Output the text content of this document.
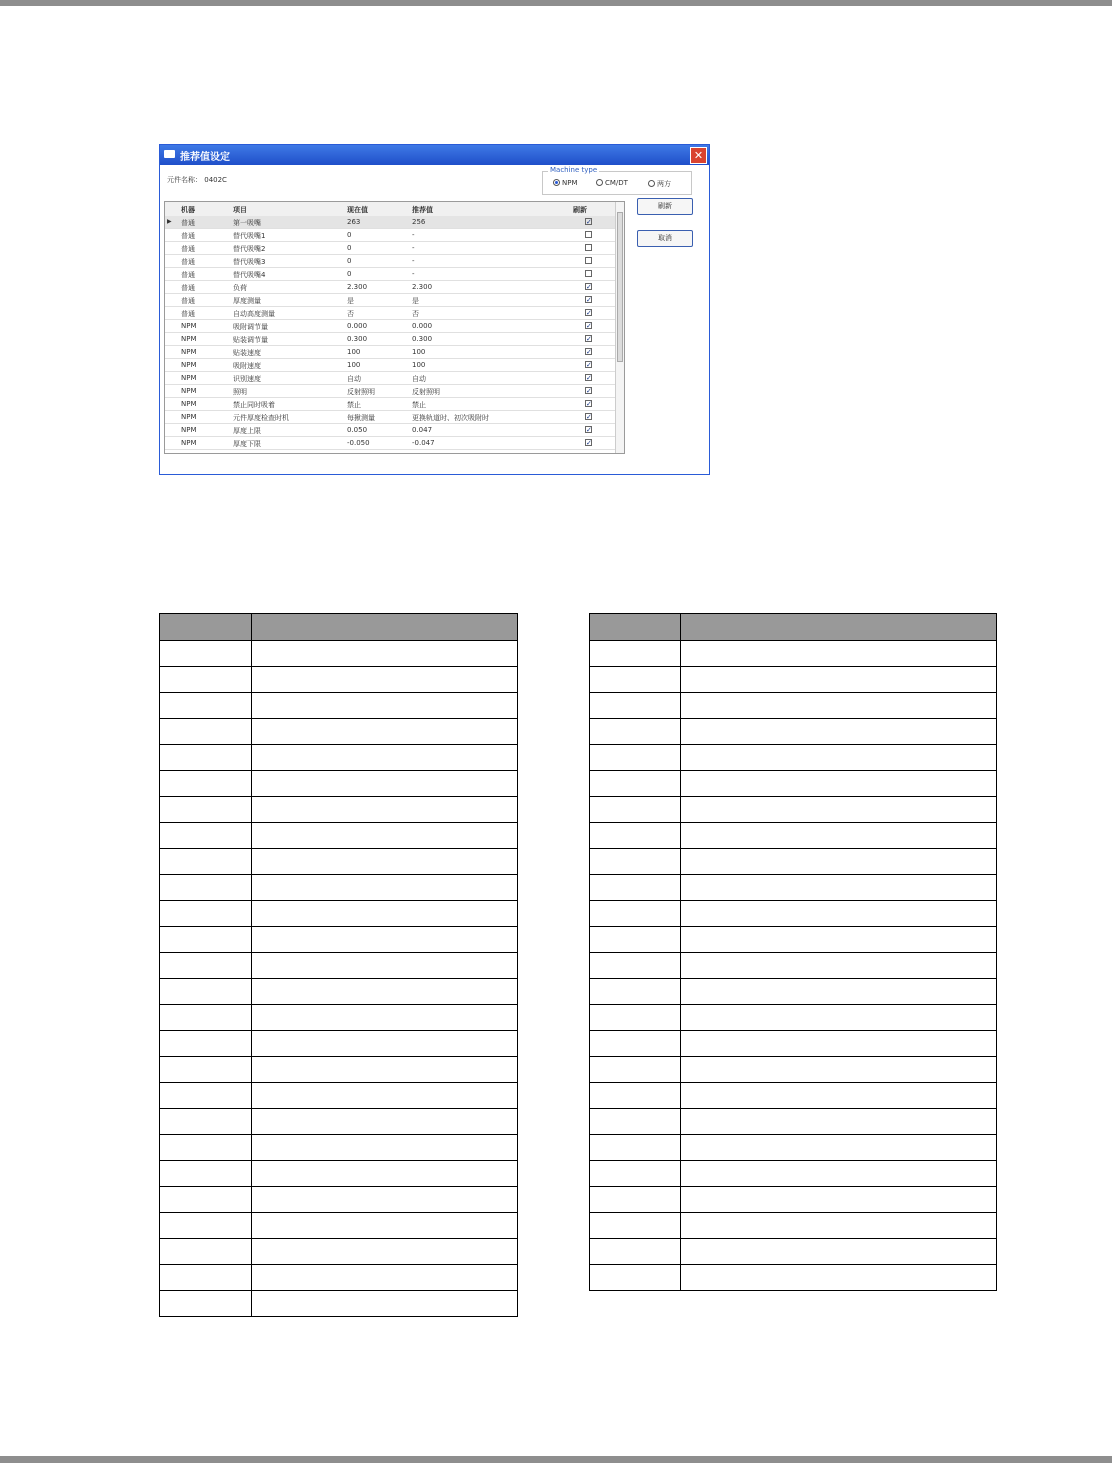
推荐值设定	✕
元件名称： 0402C
Machine type
NPM	CM/DT	两方
机器	项目	现在值	推荐值	刷新
▶ 普通	第一吸嘴	263	256	✓
普通	替代吸嘴1	0	-
普通	替代吸嘴2	0	-
普通	替代吸嘴3	0	-
普通	替代吸嘴4	0	-
普通	负荷	2.300	2.300	✓
普通	厚度测量	是	是	✓
普通	自动高度测量	否	否	✓
NPM	吸附调节量	0.000	0.000	✓
NPM	贴装调节量	0.300	0.300	✓
NPM	贴装速度	100	100	✓
NPM	吸附速度	100	100	✓
NPM	识别速度	自动	自动	✓
NPM	照明	反射照明	反射照明	✓
NPM	禁止同时吸着	禁止	禁止	✓
NPM	元件厚度检查时机	每揪测量	更换轨道时、初次吸附时	✓
NPM	厚度上限	0.050	0.047	✓
NPM	厚度下限	-0.050	-0.047	✓
刷新
取消
